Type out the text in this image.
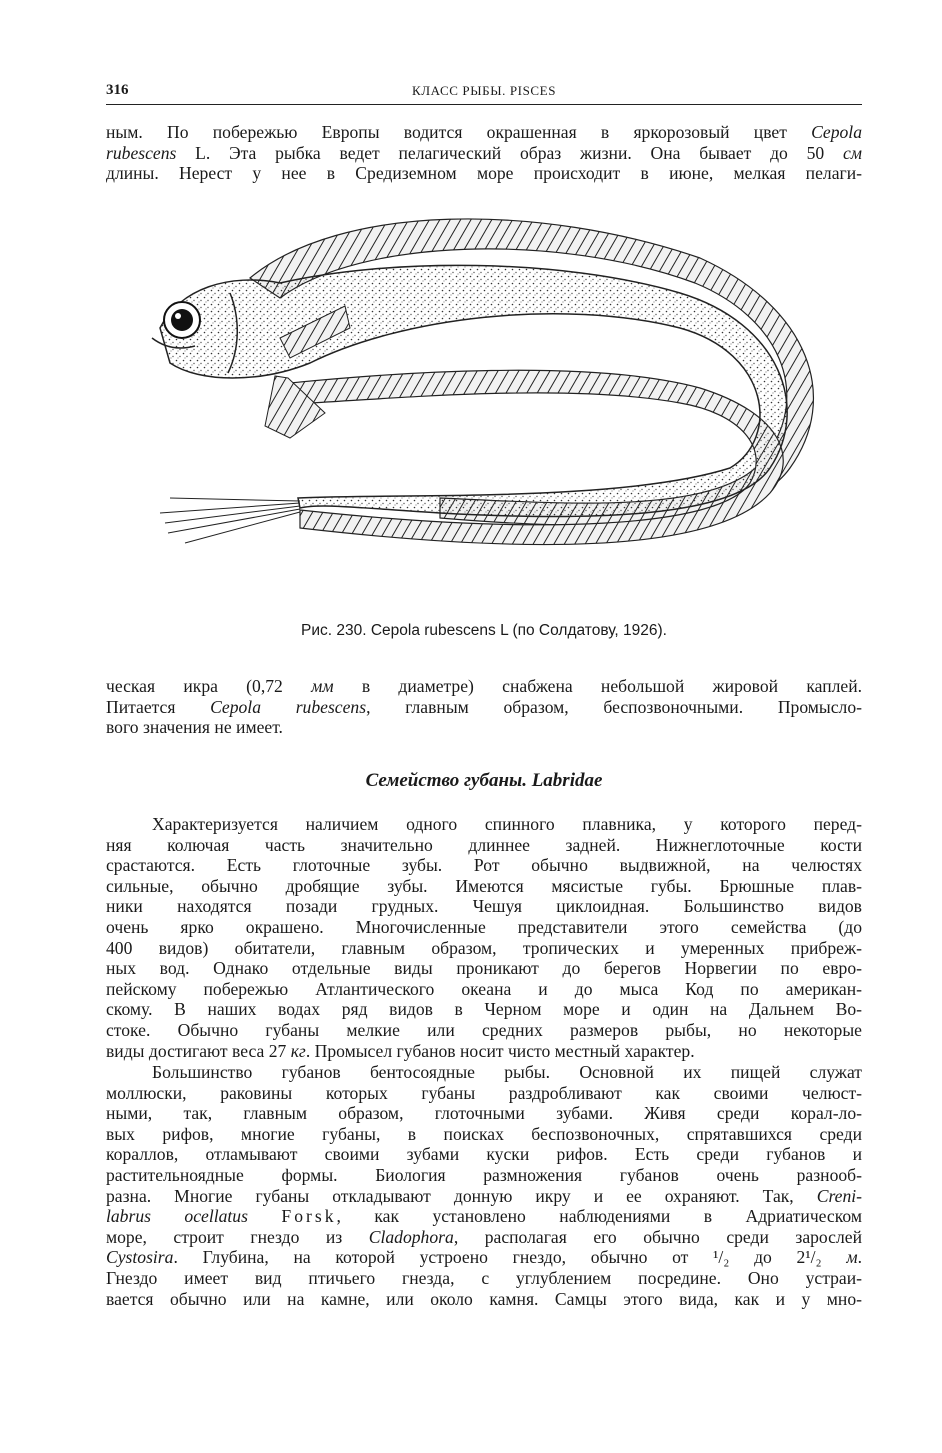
316	КЛАСС РЫБЫ. PISCES
ным. По побережью Европы водится окрашенная в яркорозовый цвет Cepola
rubescens L. Эта рыбка ведет пелагический образ жизни. Она бывает до 50 см
длины. Нерест у нее в Средиземном море происходит в июне, мелкая пелаги-
Рис. 230. Cepola rubescens L (по Солдатову, 1926).
ческая икра (0,72 мм в диаметре) снабжена небольшой жировой каплей.
Питается Cepola rubescens, главным образом, беспозвоночными. Промысло-
вого значения не имеет.
Семейство губаны. Labridae
Характеризуется наличием одного спинного плавника, у которого перед-
няя колючая часть значительно длиннее задней. Нижнеглоточные кости
срастаются. Есть глоточные зубы. Рот обычно выдвижной, на челюстях
сильные, обычно дробящие зубы. Имеются мясистые губы. Брюшные плав-
ники находятся позади грудных. Чешуя циклоидная. Большинство видов
очень ярко окрашено. Многочисленные представители этого семейства (до
400 видов) обитатели, главным образом, тропических и умеренных прибреж-
ных вод. Однако отдельные виды проникают до берегов Норвегии по евро-
пейскому побережью Атлантического океана и до мыса Код по американ-
скому. В наших водах ряд видов в Черном море и один на Дальнем Во-
стоке. Обычно губаны мелкие или средних размеров рыбы, но некоторые
виды достигают веса 27 кг. Промысел губанов носит чисто местный характер.
Большинство губанов бентосоядные рыбы. Основной их пищей служат
моллюски, раковины которых губаны раздробливают как своими челюст-
ными, так, главным образом, глоточными зубами. Живя среди корал-ло-
вых рифов, многие губаны, в поисках беспозвоночных, спрятавшихся среди
кораллов, отламывают своими зубами куски рифов. Есть среди губанов и
растительноядные формы. Биология размножения губанов очень разнооб-
разна. Многие губаны откладывают донную икру и ее охраняют. Так, Creni-
labrus ocellatus Forsk, как установлено наблюдениями в Адриатическом
море, строит гнездо из Cladophora, располагая его обычно среди зарослей
Cystosira. Глубина, на которой устроено гнездо, обычно от ¹/₂ до 2¹/₂ м.
Гнездо имеет вид птичьего гнезда, с углублением посредине. Оно устраи-
вается обычно или на камне, или около камня. Самцы этого вида, как и у мно-
